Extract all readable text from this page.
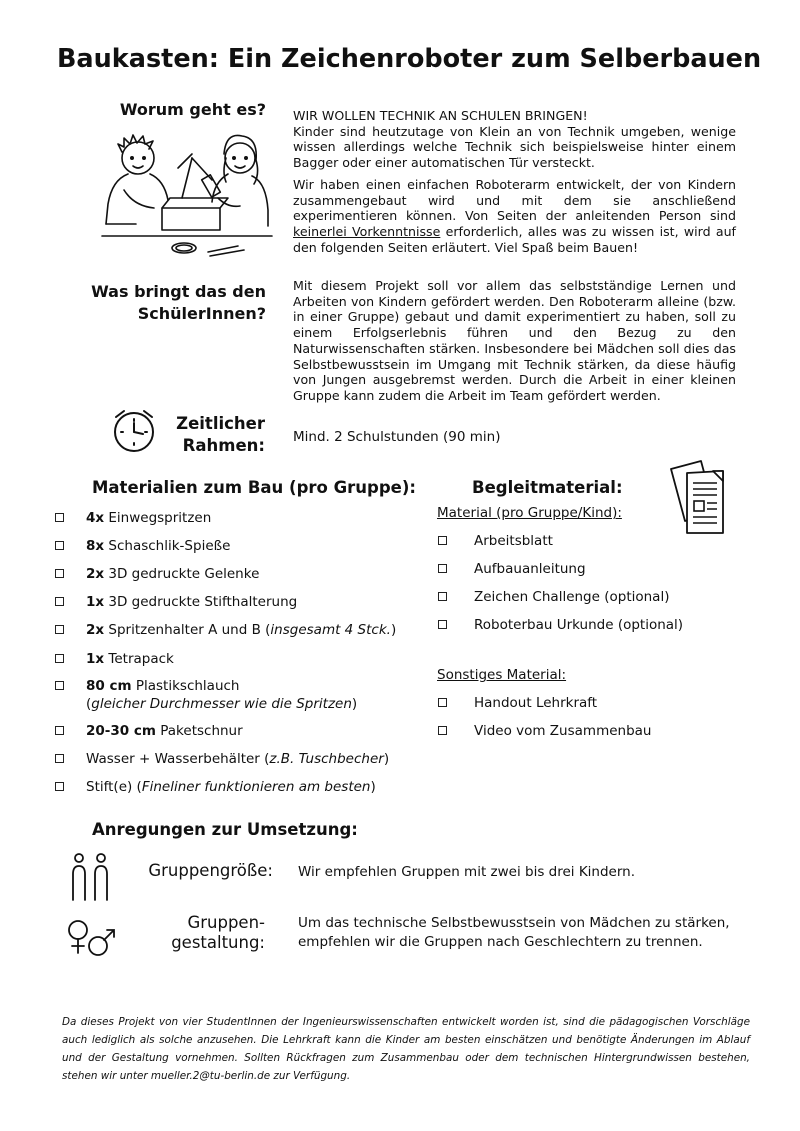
Baukasten: Ein Zeichenroboter zum Selberbauen
Worum geht es? WIR WOLLEN TECHNIK AN SCHULEN BRINGEN!

Kinder sind heutzutage von Klein an von Technik umgeben, wenige wissen allerdings welche Technik sich beispielsweise hinter einem Bagger oder einer automatischen Tür versteckt.

Wir haben einen einfachen Roboterarm entwickelt, der von Kindern zusammengebaut wird und mit dem sie anschließend experimentieren können. Von Seiten der anleitenden Person sind keinerlei Vorkenntnisse erforderlich, alles was zu wissen ist, wird auf den folgenden Seiten erläutert. Viel Spaß beim Bauen!

Was bringt das den
SchülerInnen?
Mit diesem Projekt soll vor allem das selbstständige Lernen und Arbeiten von Kindern gefördert werden. Den Roboterarm alleine (bzw. in einer Gruppe) gebaut und damit experimentiert zu haben, soll zu einem Erfolgserlebnis führen und den Bezug zu den Naturwissenschaften stärken. Insbesondere bei Mädchen soll dies das Selbstbewusstsein im Umgang mit Technik stärken, da diese häufig von Jungen ausgebremst werden. Durch die Arbeit in einer kleinen Gruppe kann zudem die Arbeit im Team gefördert werden.
Zeitlicher
Rahmen: Mind. 2 Schulstunden (90 min)
Materialien zum Bau (pro Gruppe):
4x Einwegspritzen
8x Schaschlik-Spieße
2x 3D gedruckte Gelenke
1x 3D gedruckte Stifthalterung
2x Spritzenhalter A und B (insgesamt 4 Stck.)
1x Tetrapack
80 cm Plastikschlauch
(gleicher Durchmesser wie die Spritzen)
20-30 cm Paketschnur
Wasser + Wasserbehälter (z.B. Tuschbecher)
Stift(e) (Fineliner funktionieren am besten)
Begleitmaterial:
Material (pro Gruppe/Kind):
Arbeitsblatt
Aufbauanleitung
Zeichen Challenge (optional)
Roboterbau Urkunde (optional)
Sonstiges Material:
Handout Lehrkraft
Video vom Zusammenbau
Anregungen zur Umsetzung:
Gruppengröße: Wir empfehlen Gruppen mit zwei bis drei Kindern.
Gruppen-
gestaltung:
Um das technische Selbstbewusstsein von Mädchen zu stärken, empfehlen wir die Gruppen nach Geschlechtern zu trennen.
Da dieses Projekt von vier StudentInnen der Ingenieurswissenschaften entwickelt worden ist, sind die pädagogischen Vorschläge auch lediglich als solche anzusehen. Die Lehrkraft kann die Kinder am besten einschätzen und benötigte Änderungen im Ablauf und der Gestaltung vornehmen. Sollten Rückfragen zum Zusammenbau oder dem technischen Hintergrundwissen bestehen, stehen wir unter mueller.2@tu-berlin.de zur Verfügung.
